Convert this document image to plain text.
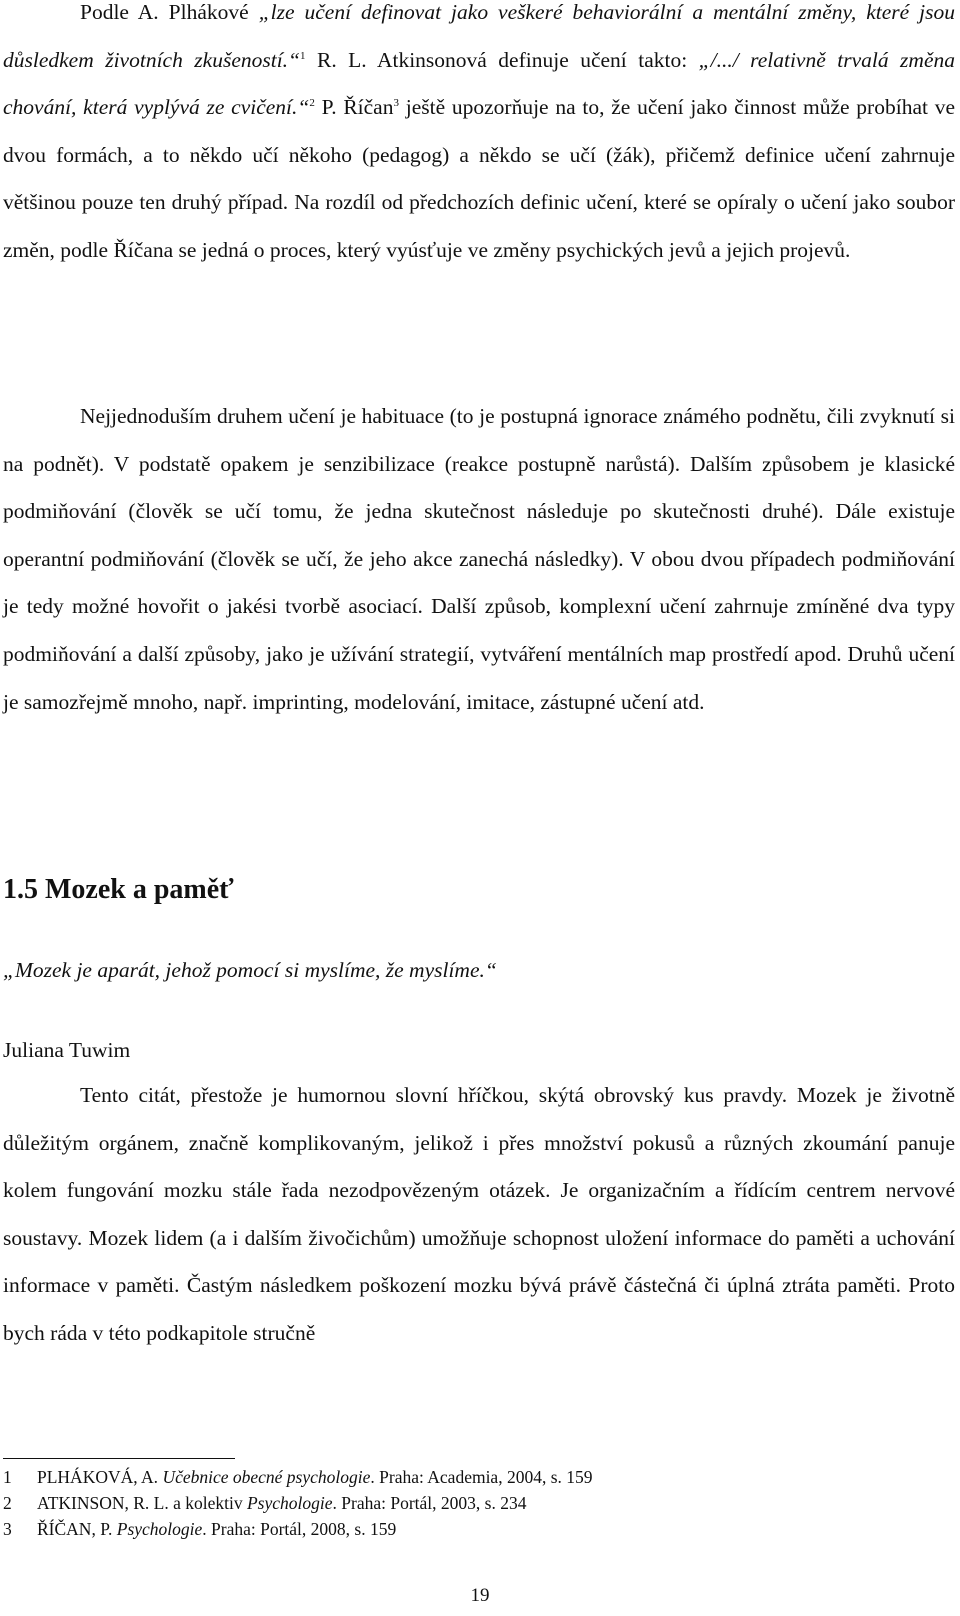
Podle A. Plhákové „lze učení definovat jako veškeré behaviorální a mentální změny, které jsou důsledkem životních zkušeností.“$^1$ R. L. Atkinsonová definuje učení takto: „/.../ relativně trvalá změna chování, která vyplývá ze cvičení.“$^2$ P. Říčan$^3$ ještě upozorňuje na to, že učení jako činnost může probíhat ve dvou formách, a to někdo učí někoho (pedagog) a někdo se učí (žák), přičemž definice učení zahrnuje většinou pouze ten druhý případ. Na rozdíl od předchozích definic učení, které se opíraly o učení jako soubor změn, podle Říčana se jedná o proces, který vyúsťuje ve změny psychických jevů a jejich projevů.

Nejjednoduším druhem učení je habituace (to je postupná ignorace známého podnětu, čili zvyknutí si na podnět). V podstatě opakem je senzibilizace (reakce postupně narůstá). Dalším způsobem je klasické podmiňování (člověk se učí tomu, že jedna skutečnost následuje po skutečnosti druhé). Dále existuje operantní podmiňování (člověk se učí, že jeho akce zanechá následky). V obou dvou případech podmiňování je tedy možné hovořit o jakési tvorbě asociací. Další způsob, komplexní učení zahrnuje zmíněné dva typy podmiňování a další způsoby, jako je užívání strategií, vytváření mentálních map prostředí apod. Druhů učení je samozřejmě mnoho, např. imprinting, modelování, imitace, zástupné učení atd.

1.5 Mozek a paměť

„Mozek je aparát, jehož pomocí si myslíme, že myslíme.“

Juliana Tuwim

Tento citát, přestože je humornou slovní hříčkou, skýtá obrovský kus pravdy. Mozek je životně důležitým orgánem, značně komplikovaným, jelikož i přes množství pokusů a různých zkoumání panuje kolem fungování mozku stále řada nezodpovězeným otázek. Je organizačním a řídícím centrem nervové soustavy. Mozek lidem (a i dalším živočichům) umožňuje schopnost uložení informace do paměti a uchování informace v paměti. Častým následkem poškození mozku bývá právě částečná či úplná ztráta paměti. Proto bych ráda v této podkapitole stručně

1 PLHÁKOVÁ, A. Učebnice obecné psychologie. Praha: Academia, 2004, s. 159
2 ATKINSON, R. L. a kolektiv Psychologie. Praha: Portál, 2003, s. 234
3 ŘÍČAN, P. Psychologie. Praha: Portál, 2008, s. 159
19
